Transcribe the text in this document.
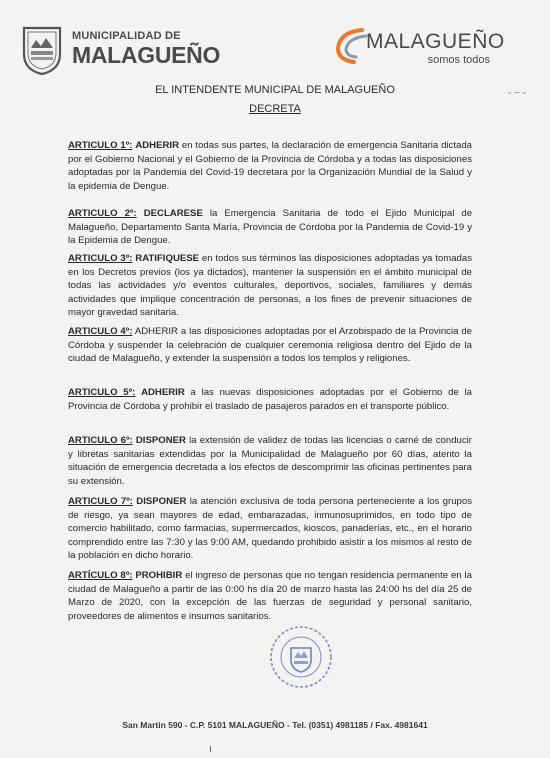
MUNICIPALIDAD DE
MALAGUEÑO
MALAGUEÑO
somos todos
- ~ -
EL INTENDENTE MUNICIPAL DE MALAGUEÑO
DECRETA
ARTICULO 1º: ADHERIR en todas sus partes, la declaración de emergencia Sanitaria dictada por el Gobierno Nacional y el Gobierno de la Provincia de Córdoba y a todas las disposiciones adoptadas por la Pandemia del Covid-19 decretara por la Organización Mundial de la Salud y la epidemia de Dengue.
ARTICULO 2º: DECLARESE la Emergencia Sanitaria de todo el Ejido Municipal de Malagueño, Departamento Santa María, Provincia de Córdoba por la Pandemia de Covid-19 y la Epidemia de Dengue.
ARTICULO 3º: RATIFIQUESE en todos sus términos las disposiciones adoptadas ya tomadas en los Decretos previos (los ya dictados), mantener la suspensión en el ámbito municipal de todas las actividades y/o eventos culturales, deportivos, sociales, familiares y demás actividades que implique concentración de personas, a los fines de prevenir situaciones de mayor gravedad sanitaria.
ARTICULO 4º: ADHERIR a las disposiciones adoptadas por el Arzobispado de la Provincia de Córdoba y suspender la celebración de cualquier ceremonia religiosa dentro del Ejido de la ciudad de Malagueño, y extender la suspensión a todos los templos y religiones.
ARTICULO 5º: ADHERIR a las nuevas disposiciones adoptadas por el Gobierno de la Provincia de Córdoba y prohibir el traslado de pasajeros parados en el transporte público.
ARTICULO 6º: DISPONER la extensión de validez de todas las licencias o carné de conducir y libretas sanitarias extendidas por la Municipalidad de Malagueño por 60 días, atento la situación de emergencia decretada a los efectos de descomprimir las oficinas pertinentes para su extensión.
ARTICULO 7º: DISPONER la atención exclusiva de toda persona perteneciente a los grupos de riesgo, ya sean mayores de edad, embarazadas, inmunosuprimidos, en todo tipo de comercio habilitado, como farmacias, supermercados, kioscos, panaderías, etc., en el horario comprendido entre las 7:30 y las 9:00 AM, quedando prohibido asistir a los mismos al resto de la población en dicho horario.
ARTÍCULO 8º: PROHIBIR el ingreso de personas que no tengan residencia permanente en la ciudad de Malagueño a partir de las 0:00 hs día 20 de marzo hasta las 24:00 hs del día 25 de Marzo de 2020, con la excepción de las fuerzas de seguridad y personal sanitario, proveedores de alimentos e insumos sanitarios.
San Martin 590 - C.P. 5101 MALAGUEÑO - Tel. (0351) 4981185 / Fax. 4981641
